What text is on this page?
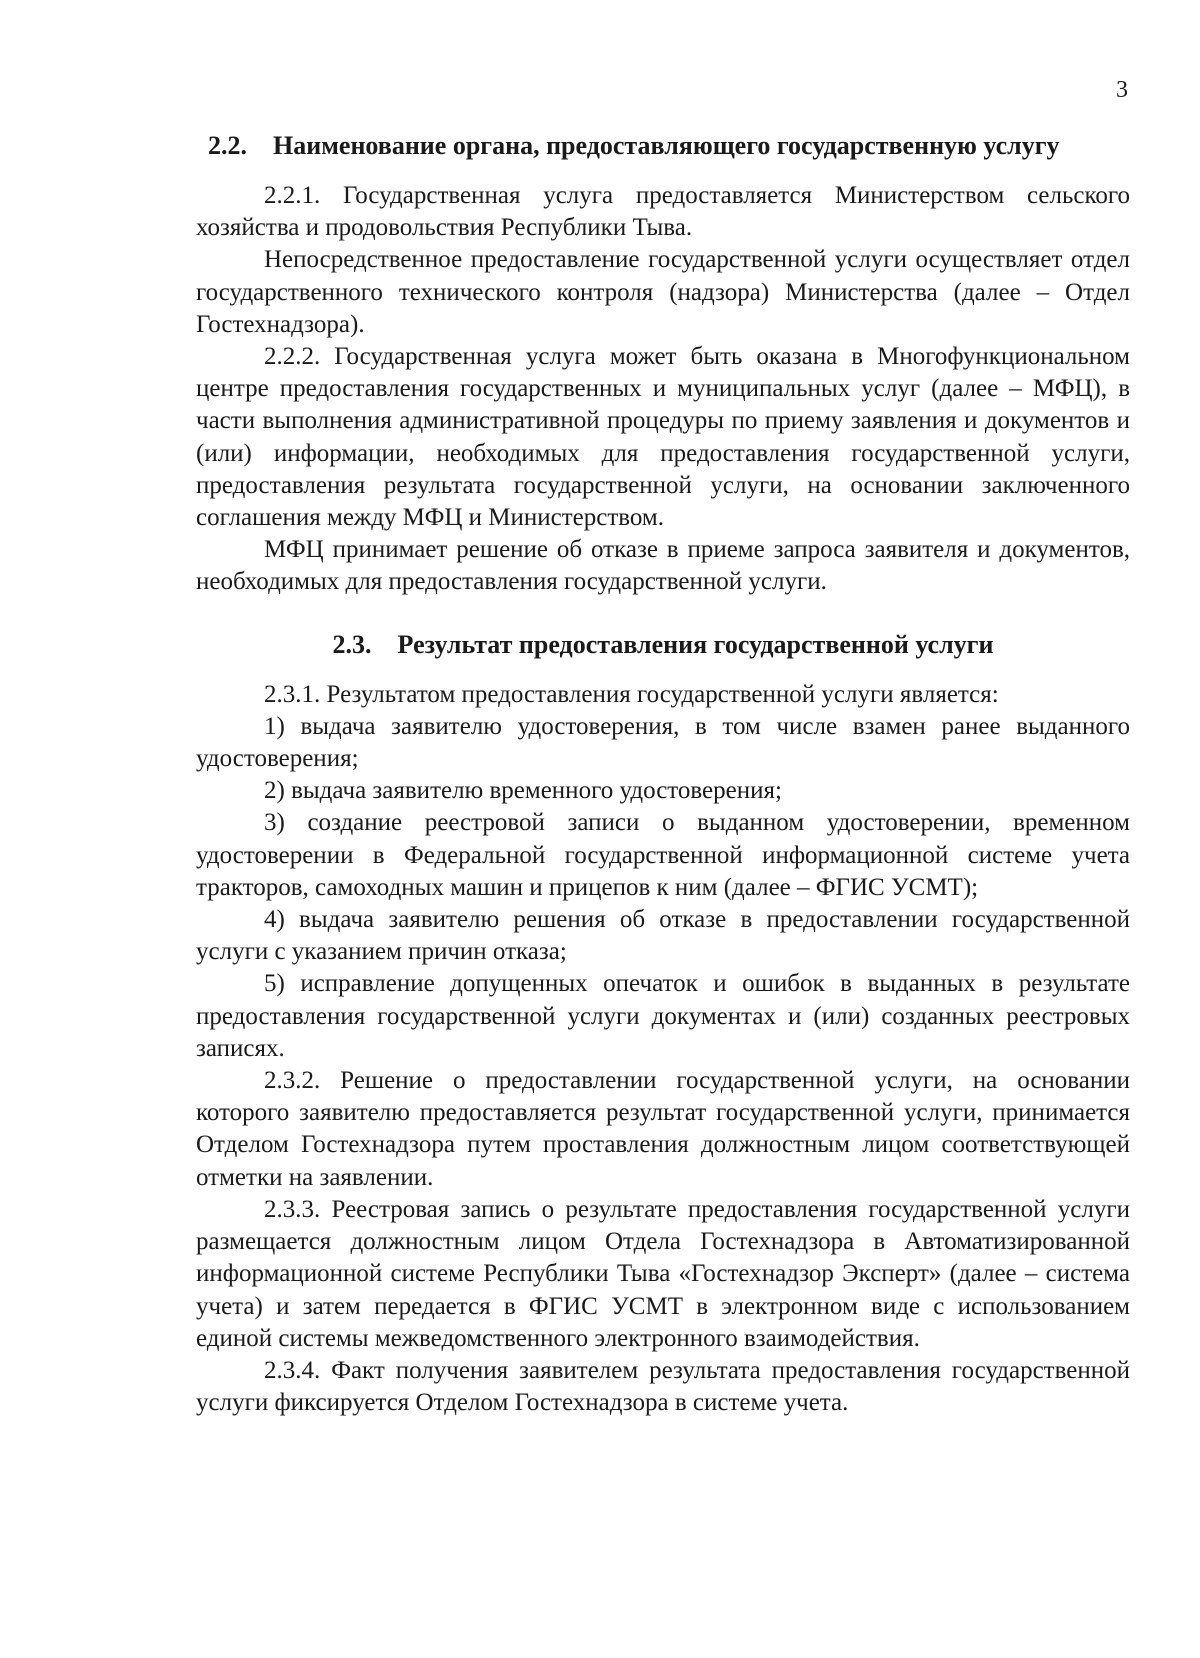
3
2.2. Наименование органа, предоставляющего государственную услугу

2.2.1. Государственная услуга предоставляется Министерством сельского хозяйства и продовольствия Республики Тыва.

Непосредственное предоставление государственной услуги осуществляет отдел государственного технического контроля (надзора) Министерства (далее – Отдел Гостехнадзора).

2.2.2. Государственная услуга может быть оказана в Многофункциональном центре предоставления государственных и муниципальных услуг (далее – МФЦ), в части выполнения административной процедуры по приему заявления и документов и (или) информации, необходимых для предоставления государственной услуги, предоставления результата государственной услуги, на основании заключенного соглашения между МФЦ и Министерством.

МФЦ принимает решение об отказе в приеме запроса заявителя и документов, необходимых для предоставления государственной услуги.

2.3. Результат предоставления государственной услуги

2.3.1. Результатом предоставления государственной услуги является:

1) выдача заявителю удостоверения, в том числе взамен ранее выданного удостоверения;

2) выдача заявителю временного удостоверения;

3) создание реестровой записи о выданном удостоверении, временном удостоверении в Федеральной государственной информационной системе учета тракторов, самоходных машин и прицепов к ним (далее – ФГИС УСМТ);

4) выдача заявителю решения об отказе в предоставлении государственной услуги с указанием причин отказа;

5) исправление допущенных опечаток и ошибок в выданных в результате предоставления государственной услуги документах и (или) созданных реестровых записях.

2.3.2. Решение о предоставлении государственной услуги, на основании которого заявителю предоставляется результат государственной услуги, принимается Отделом Гостехнадзора путем проставления должностным лицом соответствующей отметки на заявлении.

2.3.3. Реестровая запись о результате предоставления государственной услуги размещается должностным лицом Отдела Гостехнадзора в Автоматизированной информационной системе Республики Тыва «Гостехнадзор Эксперт» (далее – система учета) и затем передается в ФГИС УСМТ в электронном виде с использованием единой системы межведомственного электронного взаимодействия.

2.3.4. Факт получения заявителем результата предоставления государственной услуги фиксируется Отделом Гостехнадзора в системе учета.
